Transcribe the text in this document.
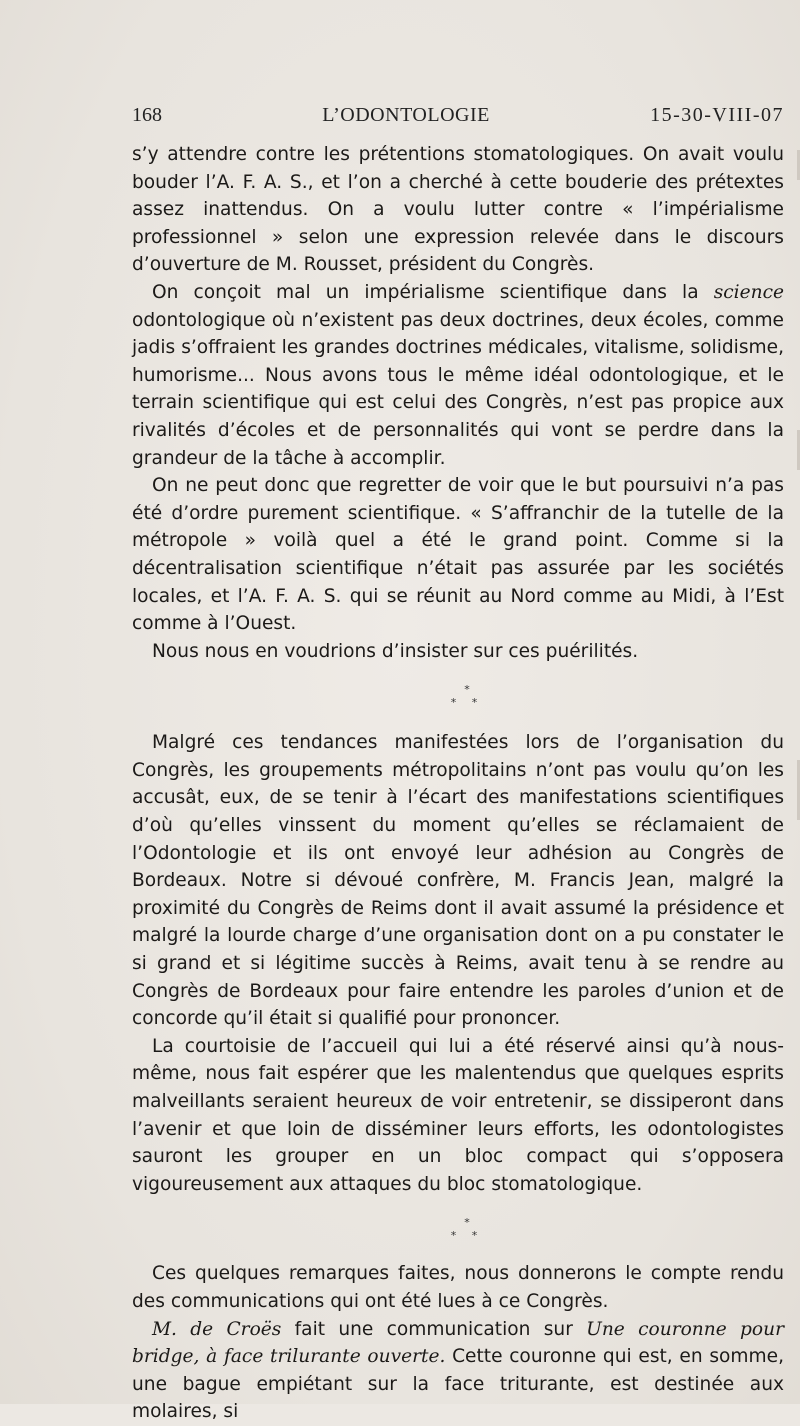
168	L’ODONTOLOGIE	15-30-VIII-07

s’y attendre contre les prétentions stomatologiques. On avait voulu bouder l’A. F. A. S., et l’on a cherché à cette bouderie des prétextes assez inattendus. On a voulu lutter contre « l’impérialisme professionnel » selon une expression relevée dans le discours d’ouverture de M. Rousset, président du Congrès.

On conçoit mal un impérialisme scientifique dans la science odontologique où n’existent pas deux doctrines, deux écoles, comme jadis s’offraient les grandes doctrines médicales, vitalisme, solidisme, humorisme... Nous avons tous le même idéal odontologique, et le terrain scientifique qui est celui des Congrès, n’est pas propice aux rivalités d’écoles et de personnalités qui vont se perdre dans la grandeur de la tâche à accomplir.

On ne peut donc que regretter de voir que le but poursuivi n’a pas été d’ordre purement scientifique. « S’affranchir de la tutelle de la métropole » voilà quel a été le grand point. Comme si la décentralisation scientifique n’était pas assurée par les sociétés locales, et l’A. F. A. S. qui se réunit au Nord comme au Midi, à l’Est comme à l’Ouest.

Nous nous en voudrions d’insister sur ces puérilités.

*
* *

Malgré ces tendances manifestées lors de l’organisation du Congrès, les groupements métropolitains n’ont pas voulu qu’on les accusât, eux, de se tenir à l’écart des manifestations scientifiques d’où qu’elles vinssent du moment qu’elles se réclamaient de l’Odontologie et ils ont envoyé leur adhésion au Congrès de Bordeaux. Notre si dévoué confrère, M. Francis Jean, malgré la proximité du Congrès de Reims dont il avait assumé la présidence et malgré la lourde charge d’une organisation dont on a pu constater le si grand et si légitime succès à Reims, avait tenu à se rendre au Congrès de Bordeaux pour faire entendre les paroles d’union et de concorde qu’il était si qualifié pour prononcer.

La courtoisie de l’accueil qui lui a été réservé ainsi qu’à nous-même, nous fait espérer que les malentendus que quelques esprits malveillants seraient heureux de voir entretenir, se dissiperont dans l’avenir et que loin de disséminer leurs efforts, les odontologistes sauront les grouper en un bloc compact qui s’opposera vigoureusement aux attaques du bloc stomatologique.

*
* *

Ces quelques remarques faites, nous donnerons le compte rendu des communications qui ont été lues à ce Congrès.

M. de Croës fait une communication sur Une couronne pour bridge, à face trilurante ouverte. Cette couronne qui est, en somme, une bague empiétant sur la face triturante, est destinée aux molaires, si
